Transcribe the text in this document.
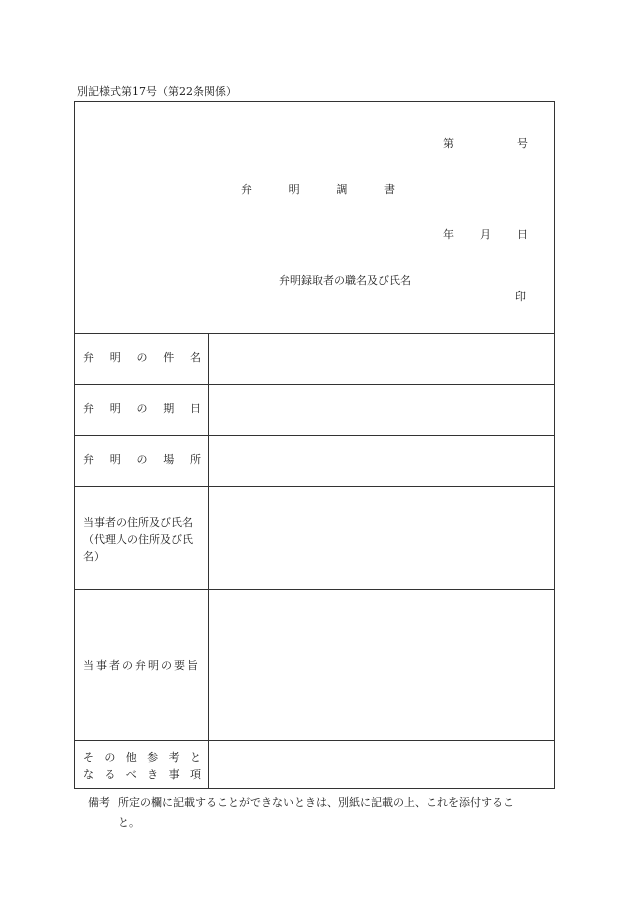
別記様式第17号（第22条関係）
第	号
弁	明	調	書
年 月 日
弁明録取者の職名及び氏名
印
弁 明 の 件 名
弁 明 の 期 日
弁 明 の 場 所
当事者の住所及び氏名
（代理人の住所及び氏
名）
当事者の弁明の要旨
そ の 他 参 考 と
な る べ き 事 項
備考 所定の欄に記載することができないときは、別紙に記載の上、これを添付するこ
と。
